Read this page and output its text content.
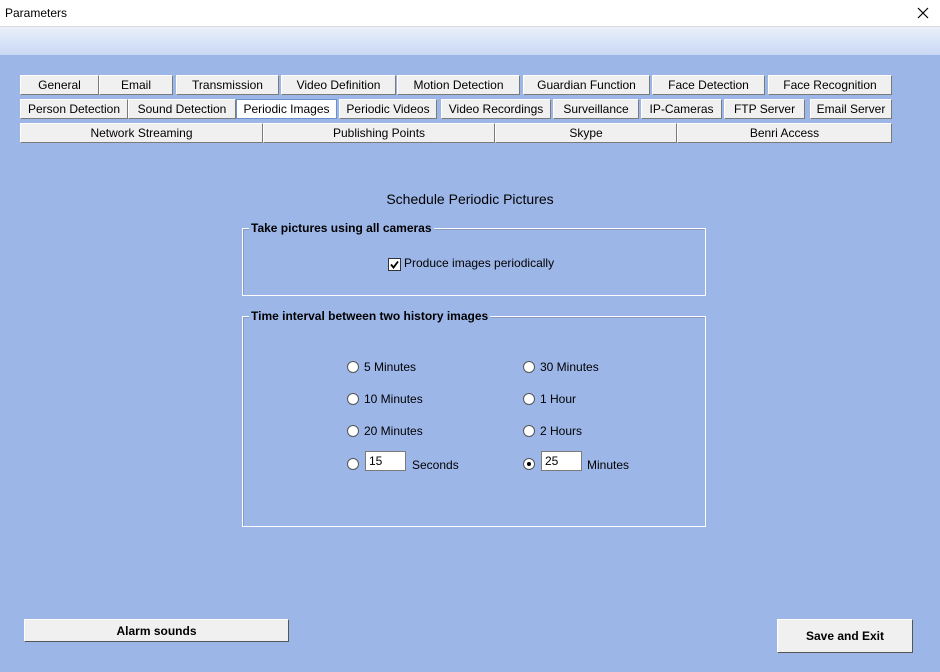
Parameters
General	Email	Transmission	Video Definition	Motion Detection	Guardian Function	Face Detection	Face Recognition
Person Detection	Sound Detection	Periodic Images	Periodic Videos	Video Recordings	Surveillance	IP-Cameras	FTP Server	Email Server
Network Streaming	Publishing Points	Skype	Benri Access
Schedule Periodic Pictures
Take pictures using all cameras
Produce images periodically
Time interval between two history images
5 Minutes
10 Minutes
20 Minutes
15
Seconds
30 Minutes
1 Hour
2 Hours
25
Minutes
Alarm sounds	Save and Exit
